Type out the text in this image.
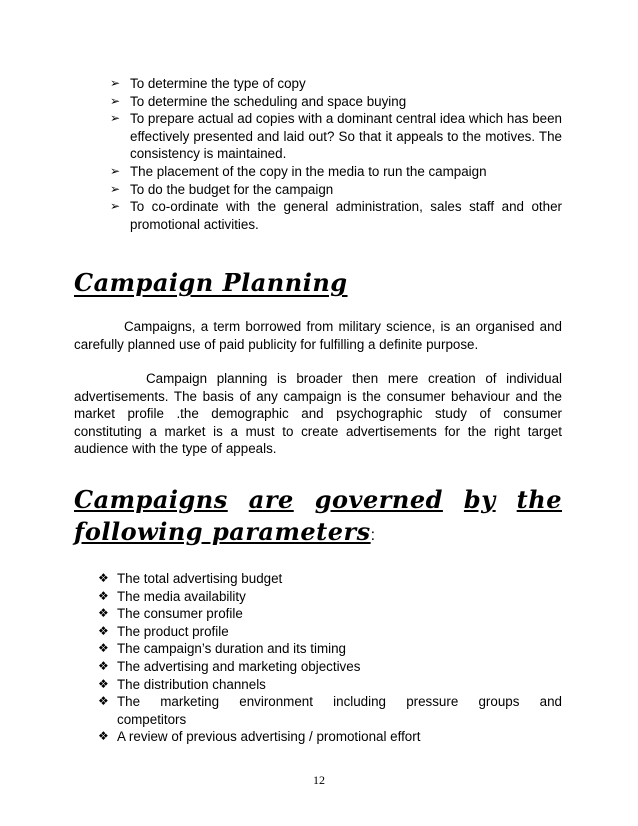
➢ To determine the type of copy
➢ To determine the scheduling and space buying
➢ To prepare actual ad copies with a dominant central idea which has been effectively presented and laid out? So that it appeals to the motives. The consistency is maintained.
➢ The placement of the copy in the media to run the campaign
➢ To do the budget for the campaign
➢ To co-ordinate with the general administration, sales staff and other promotional activities.
Campaign Planning

Campaigns, a term borrowed from military science, is an organised and carefully planned use of paid publicity for fulfilling a definite purpose.

Campaign planning is broader then mere creation of individual advertisements. The basis of any campaign is the consumer behaviour and the market profile .the demographic and psychographic study of consumer constituting a market is a must to create advertisements for the right target audience with the type of appeals.

Campaigns are governed by the
following parameters:
❖ The total advertising budget
❖ The media availability
❖ The consumer profile
❖ The product profile
❖ The campaign’s duration and its timing
❖ The advertising and marketing objectives
❖ The distribution channels
❖ The marketing environment including pressure groups and
competitors
❖ A review of previous advertising / promotional effort
12
